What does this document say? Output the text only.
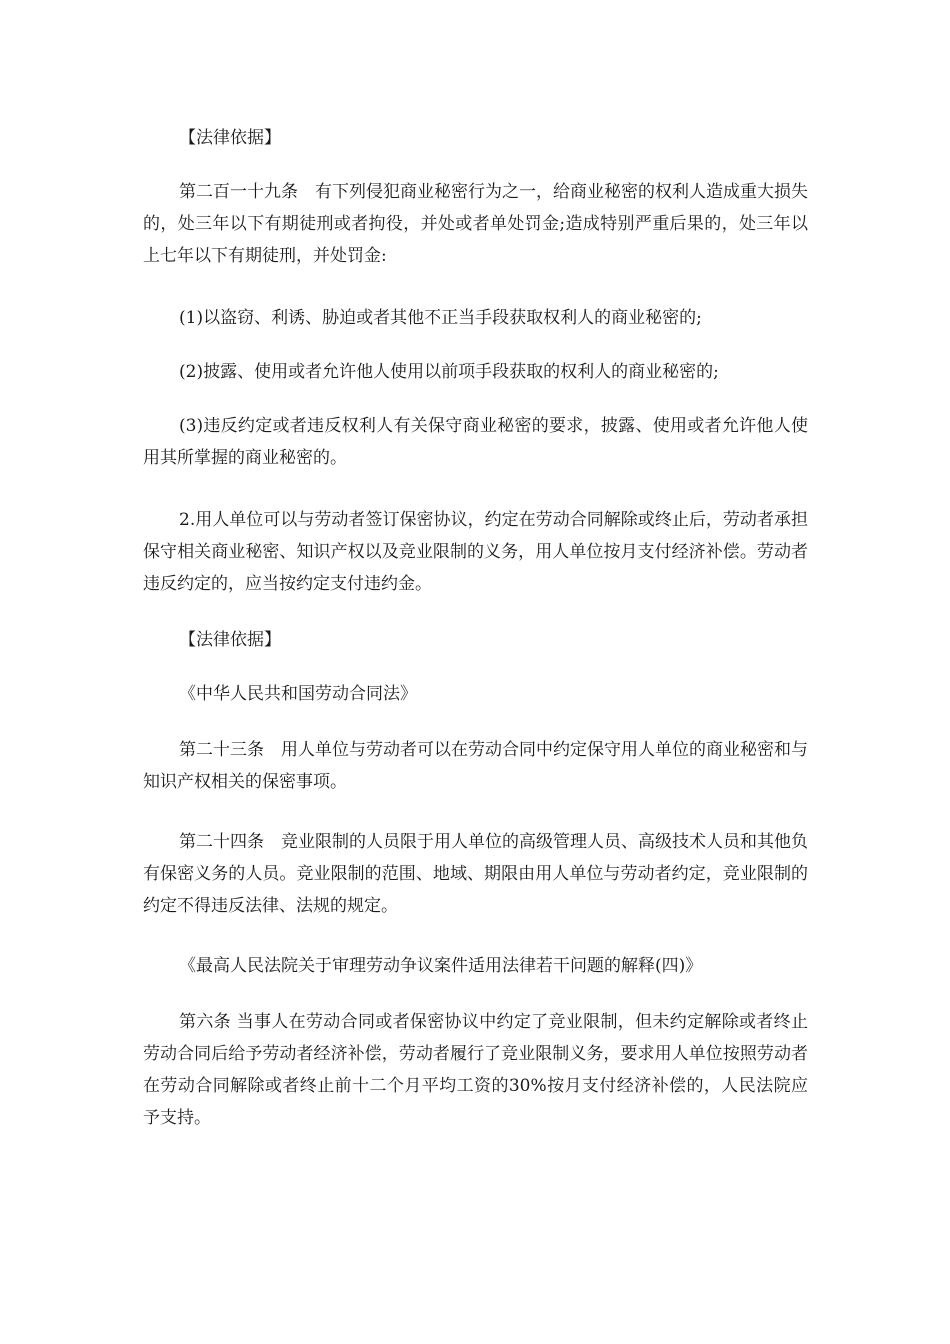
【法律依据】

第二百一十九条　有下列侵犯商业秘密行为之一，给商业秘密的权利人造成重大损失的，处三年以下有期徒刑或者拘役，并处或者单处罚金;造成特别严重后果的，处三年以上七年以下有期徒刑，并处罚金:

(1)以盗窃、利诱、胁迫或者其他不正当手段获取权利人的商业秘密的;

(2)披露、使用或者允许他人使用以前项手段获取的权利人的商业秘密的;

(3)违反约定或者违反权利人有关保守商业秘密的要求，披露、使用或者允许他人使用其所掌握的商业秘密的。

2.用人单位可以与劳动者签订保密协议，约定在劳动合同解除或终止后，劳动者承担保守相关商业秘密、知识产权以及竞业限制的义务，用人单位按月支付经济补偿。劳动者违反约定的，应当按约定支付违约金。

【法律依据】

《中华人民共和国劳动合同法》

第二十三条　用人单位与劳动者可以在劳动合同中约定保守用人单位的商业秘密和与知识产权相关的保密事项。

第二十四条　竞业限制的人员限于用人单位的高级管理人员、高级技术人员和其他负有保密义务的人员。竞业限制的范围、地域、期限由用人单位与劳动者约定，竞业限制的约定不得违反法律、法规的规定。

《最高人民法院关于审理劳动争议案件适用法律若干问题的解释(四)》

第六条 当事人在劳动合同或者保密协议中约定了竞业限制，但未约定解除或者终止劳动合同后给予劳动者经济补偿，劳动者履行了竞业限制义务，要求用人单位按照劳动者在劳动合同解除或者终止前十二个月平均工资的30%按月支付经济补偿的，人民法院应予支持。
